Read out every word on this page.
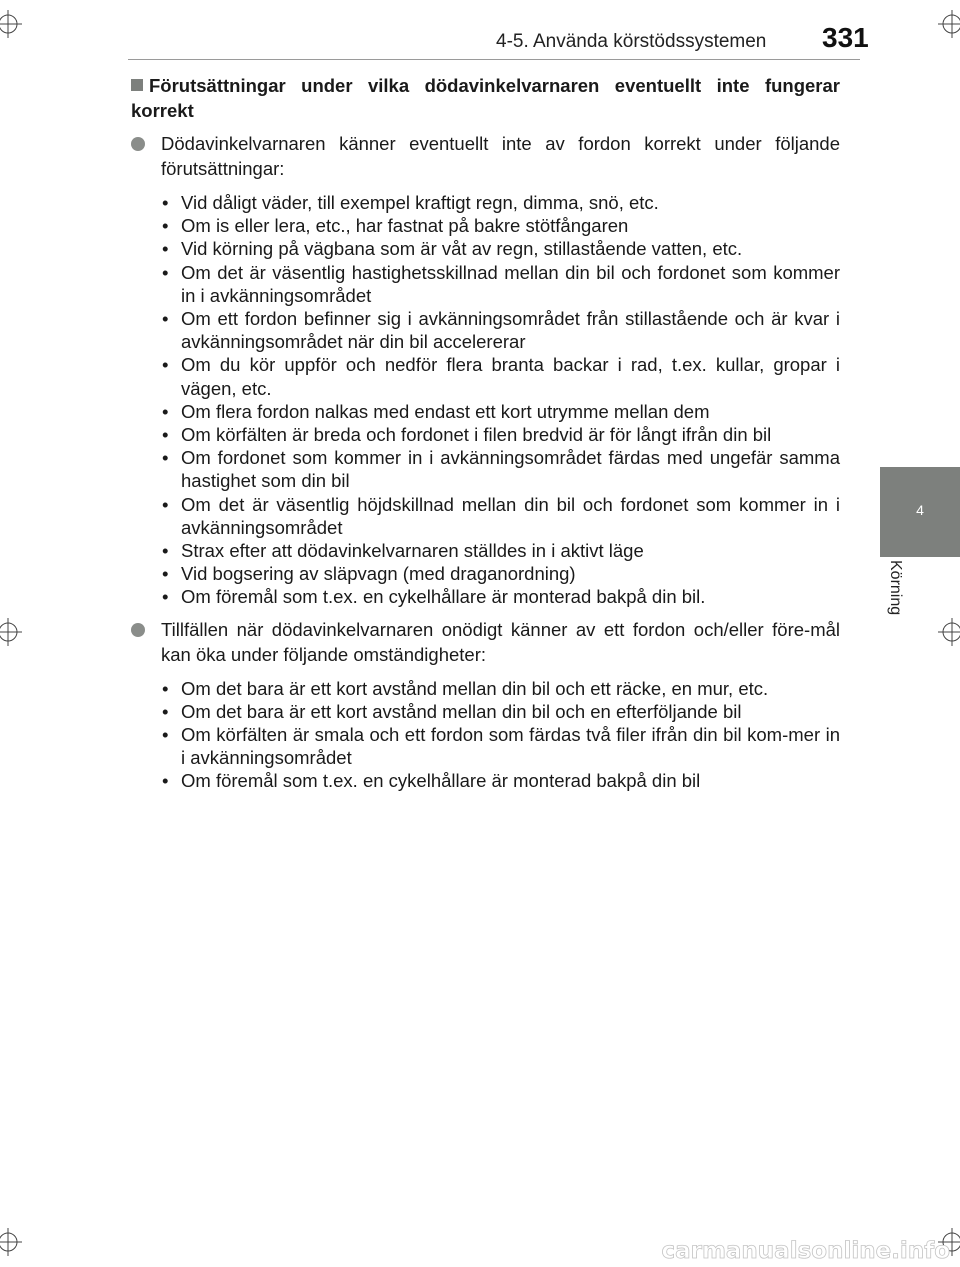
4-5. Använda körstödssystemen 331
4
Körning
Förutsättningar under vilka dödavinkelvarnaren eventuellt inte fungerar korrekt
Dödavinkelvarnaren känner eventuellt inte av fordon korrekt under följande förutsättningar:
• Vid dåligt väder, till exempel kraftigt regn, dimma, snö, etc.
• Om is eller lera, etc., har fastnat på bakre stötfångaren
• Vid körning på vägbana som är våt av regn, stillastående vatten, etc.
• Om det är väsentlig hastighetsskillnad mellan din bil och fordonet som kommer in i avkänningsområdet
• Om ett fordon befinner sig i avkänningsområdet från stillastående och är kvar i avkänningsområdet när din bil accelererar
• Om du kör uppför och nedför flera branta backar i rad, t.ex. kullar, gropar i vägen, etc.
• Om flera fordon nalkas med endast ett kort utrymme mellan dem
• Om körfälten är breda och fordonet i filen bredvid är för långt ifrån din bil
• Om fordonet som kommer in i avkänningsområdet färdas med ungefär samma hastighet som din bil
• Om det är väsentlig höjdskillnad mellan din bil och fordonet som kommer in i avkänningsområdet
• Strax efter att dödavinkelvarnaren ställdes in i aktivt läge
• Vid bogsering av släpvagn (med draganordning)
• Om föremål som t.ex. en cykelhållare är monterad bakpå din bil.
Tillfällen när dödavinkelvarnaren onödigt känner av ett fordon och/eller före-mål kan öka under följande omständigheter:
• Om det bara är ett kort avstånd mellan din bil och ett räcke, en mur, etc.
• Om det bara är ett kort avstånd mellan din bil och en efterföljande bil
• Om körfälten är smala och ett fordon som färdas två filer ifrån din bil kom-mer in i avkänningsområdet
• Om föremål som t.ex. en cykelhållare är monterad bakpå din bil
carmanualsonline.info
